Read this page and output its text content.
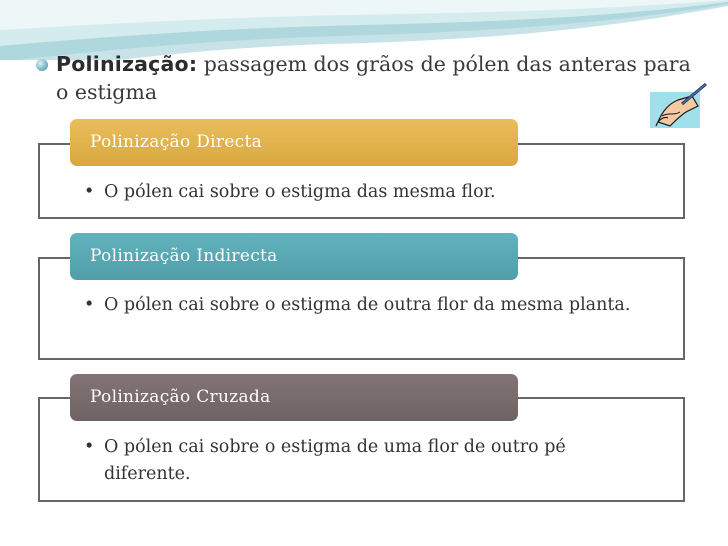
Polinização: passagem dos grãos de pólen das anteras para o estigma
Polinização Directa
• O pólen cai sobre o estigma das mesma flor.
Polinização Indirecta
• O pólen cai sobre o estigma de outra flor da mesma planta.
Polinização Cruzada
• O pólen cai sobre o estigma de uma flor de outro pé diferente.
